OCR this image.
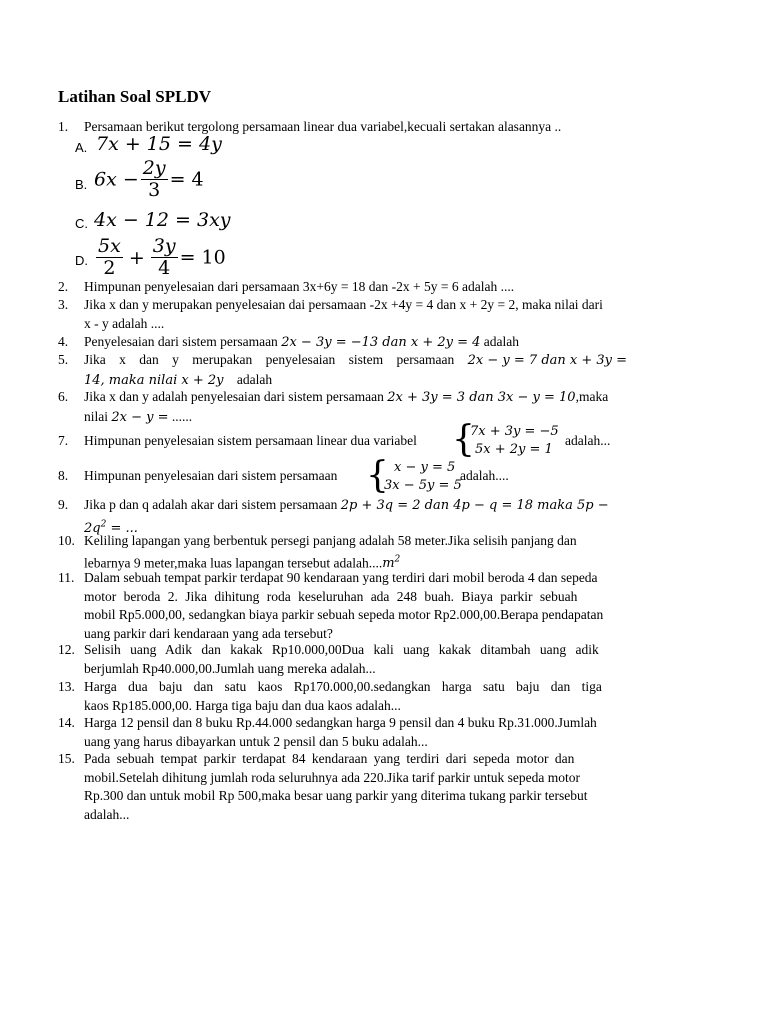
Latihan Soal SPLDV
1. Persamaan berikut tergolong persamaan linear dua variabel,kecuali sertakan alasannya ..
A. 7x + 15 = 4y
B. $6x - \frac{2y}{3} = 4$
C. 4x − 12 = 3xy
D. $\frac{5x}{2} + \frac{3y}{4} = 10$
2. Himpunan penyelesaian dari persamaan 3x+6y = 18 dan -2x + 5y = 6 adalah ....
3. Jika x dan y merupakan penyelesaian dai persamaan -2x +4y = 4 dan x + 2y = 2, maka nilai dari
x - y adalah ....
4. Penyelesaian dari sistem persamaan 2x − 3y = −13 dan x + 2y = 4 adalah
5. Jika x dan y merupakan penyelesaian sistem persamaan 2x − y = 7 dan x + 3y =
14, maka nilai x + 2y adalah
6. Jika x dan y adalah penyelesaian dari sistem persamaan 2x + 3y = 3 dan 3x − y = 10,maka
nilai 2x − y = ......
7. Himpunan penyelesaian sistem persamaan linear dua variabel {
7x + 3y = −5
5x + 2y = 1
adalah...
8. Himpunan penyelesaian dari sistem persamaan { x − y = 5
3x − 5y = 5
adalah....
9. Jika p dan q adalah akar dari sistem persamaan 2p + 3q = 2 dan 4p − q = 18 maka 5p −
$2q^2$ = ...
10. Keliling lapangan yang berbentuk persegi panjang adalah 58 meter.Jika selisih panjang dan
lebarnya 9 meter,maka luas lapangan tersebut $adalah....m^2$
11. Dalam sebuah tempat parkir terdapat 90 kendaraan yang terdiri dari mobil beroda 4 dan sepeda
motor beroda 2. Jika dihitung roda keseluruhan ada 248 buah. Biaya parkir sebuah
mobil Rp5.000,00, sedangkan biaya parkir sebuah sepeda motor Rp2.000,00.Berapa pendapatan
uang parkir dari kendaraan yang ada tersebut?
12. Selisih uang Adik dan kakak Rp10.000,00Dua kali uang kakak ditambah uang adik
berjumlah Rp40.000,00.Jumlah uang mereka adalah...
13. Harga dua baju dan satu kaos Rp170.000,00.sedangkan harga satu baju dan tiga
kaos Rp185.000,00. Harga tiga baju dan dua kaos adalah...
14. Harga 12 pensil dan 8 buku Rp.44.000 sedangkan harga 9 pensil dan 4 buku Rp.31.000.Jumlah
uang yang harus dibayarkan untuk 2 pensil dan 5 buku adalah...
15. Pada sebuah tempat parkir terdapat 84 kendaraan yang terdiri dari sepeda motor dan
mobil.Setelah dihitung jumlah roda seluruhnya ada 220.Jika tarif parkir untuk sepeda motor
Rp.300 dan untuk mobil Rp 500,maka besar uang parkir yang diterima tukang parkir tersebut
adalah...
